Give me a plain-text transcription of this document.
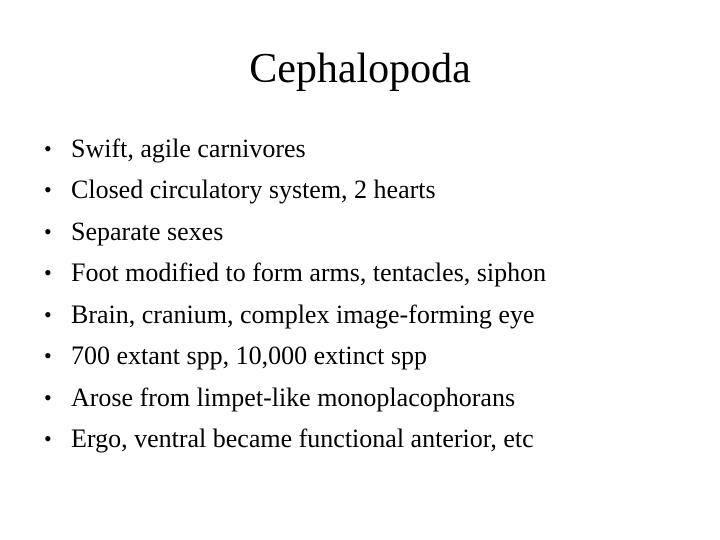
Cephalopoda
• Swift, agile carnivores
• Closed circulatory system, 2 hearts
• Separate sexes
• Foot modified to form arms, tentacles, siphon
• Brain, cranium, complex image-forming eye
• 700 extant spp, 10,000 extinct spp
• Arose from limpet-like monoplacophorans
• Ergo, ventral became functional anterior, etc
